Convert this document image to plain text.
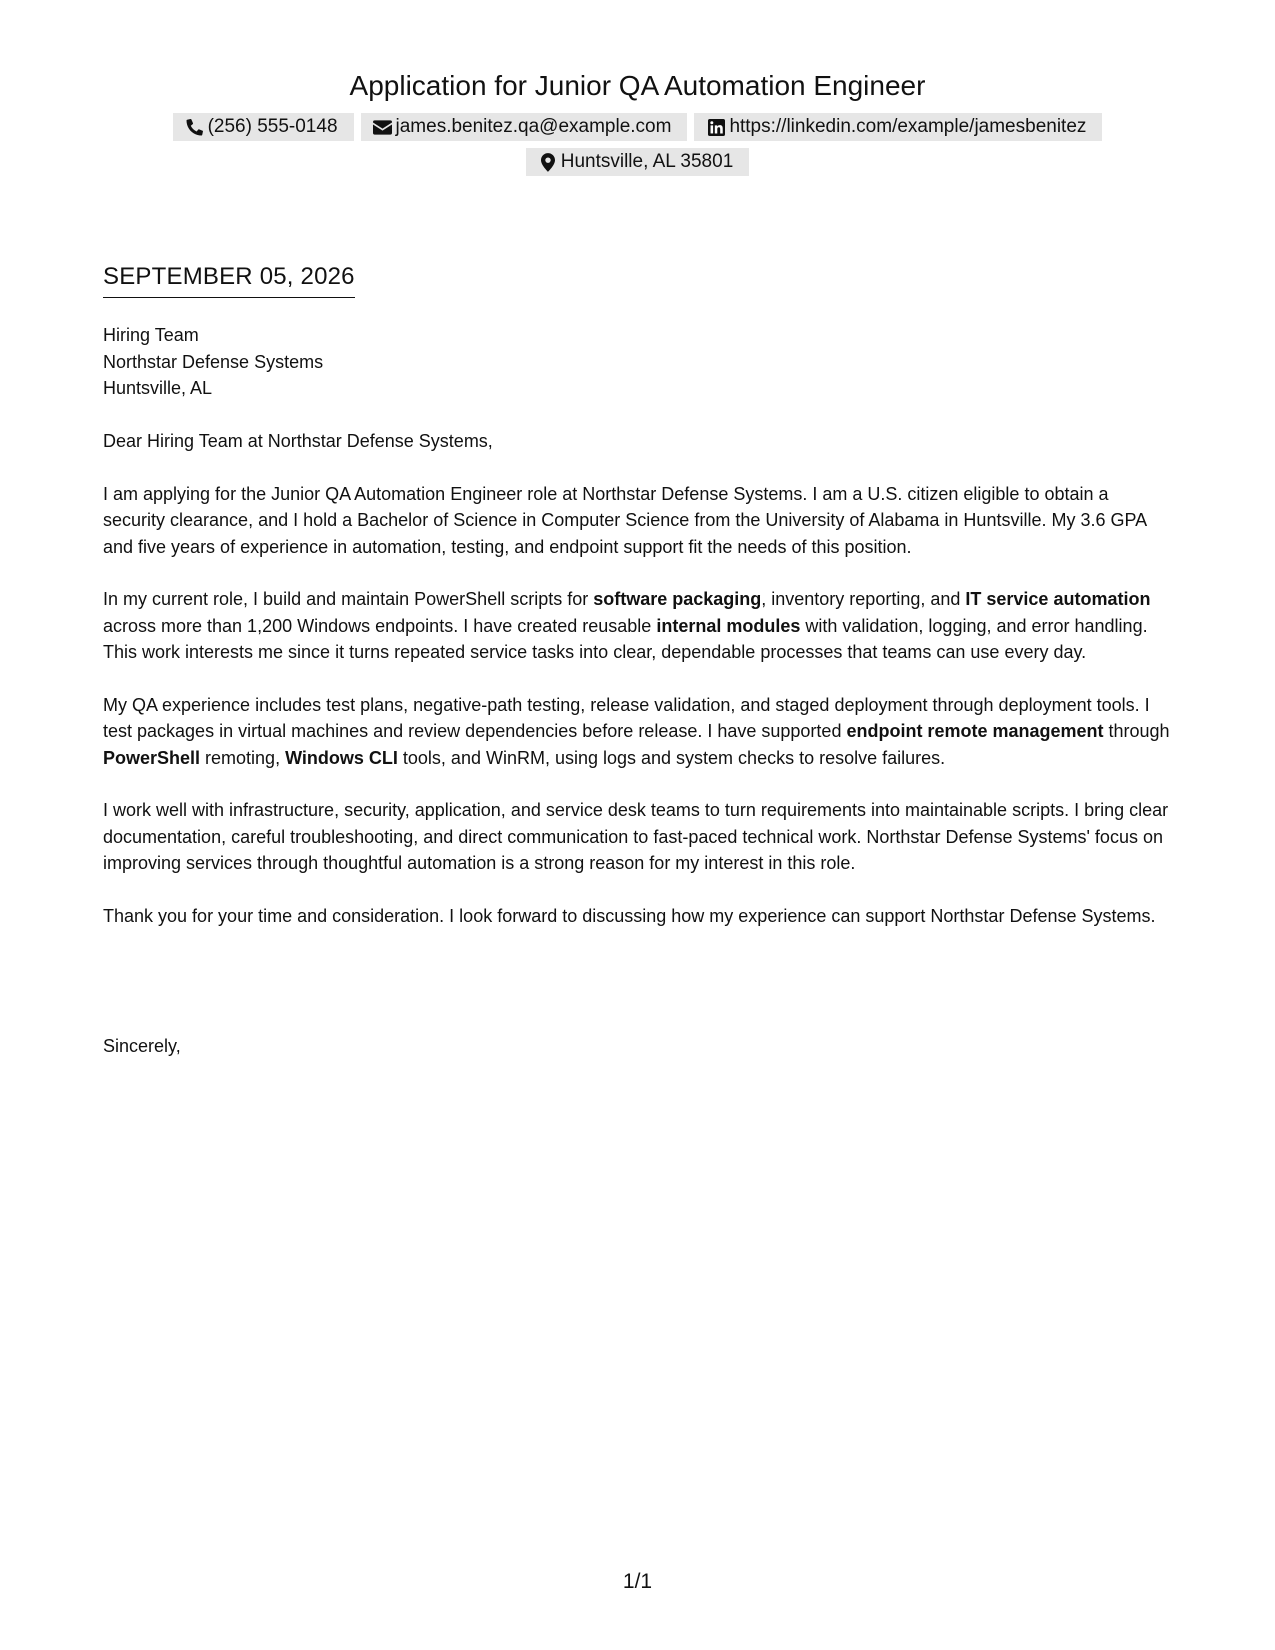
Application for Junior QA Automation Engineer
(256) 555-0148	james.benitez.qa@example.com	https://linkedin.com/example/jamesbenitez
Huntsville, AL 35801
SEPTEMBER 05, 2026
Hiring Team
Northstar Defense Systems
Huntsville, AL

Dear Hiring Team at Northstar Defense Systems,

I am applying for the Junior QA Automation Engineer role at Northstar Defense Systems. I am a U.S. citizen eligible to obtain a security clearance, and I hold a Bachelor of Science in Computer Science from the University of Alabama in Huntsville. My 3.6 GPA and five years of experience in automation, testing, and endpoint support fit the needs of this position.

In my current role, I build and maintain PowerShell scripts for software packaging, inventory reporting, and IT service automation across more than 1,200 Windows endpoints. I have created reusable internal modules with validation, logging, and error handling. This work interests me since it turns repeated service tasks into clear, dependable processes that teams can use every day.

My QA experience includes test plans, negative-path testing, release validation, and staged deployment through deployment tools. I test packages in virtual machines and review dependencies before release. I have supported endpoint remote management through PowerShell remoting, Windows CLI tools, and WinRM, using logs and system checks to resolve failures.

I work well with infrastructure, security, application, and service desk teams to turn requirements into maintainable scripts. I bring clear documentation, careful troubleshooting, and direct communication to fast-paced technical work. Northstar Defense Systems' focus on improving services through thoughtful automation is a strong reason for my interest in this role.

Thank you for your time and consideration. I look forward to discussing how my experience can support Northstar Defense Systems.

Sincerely,
1/1
